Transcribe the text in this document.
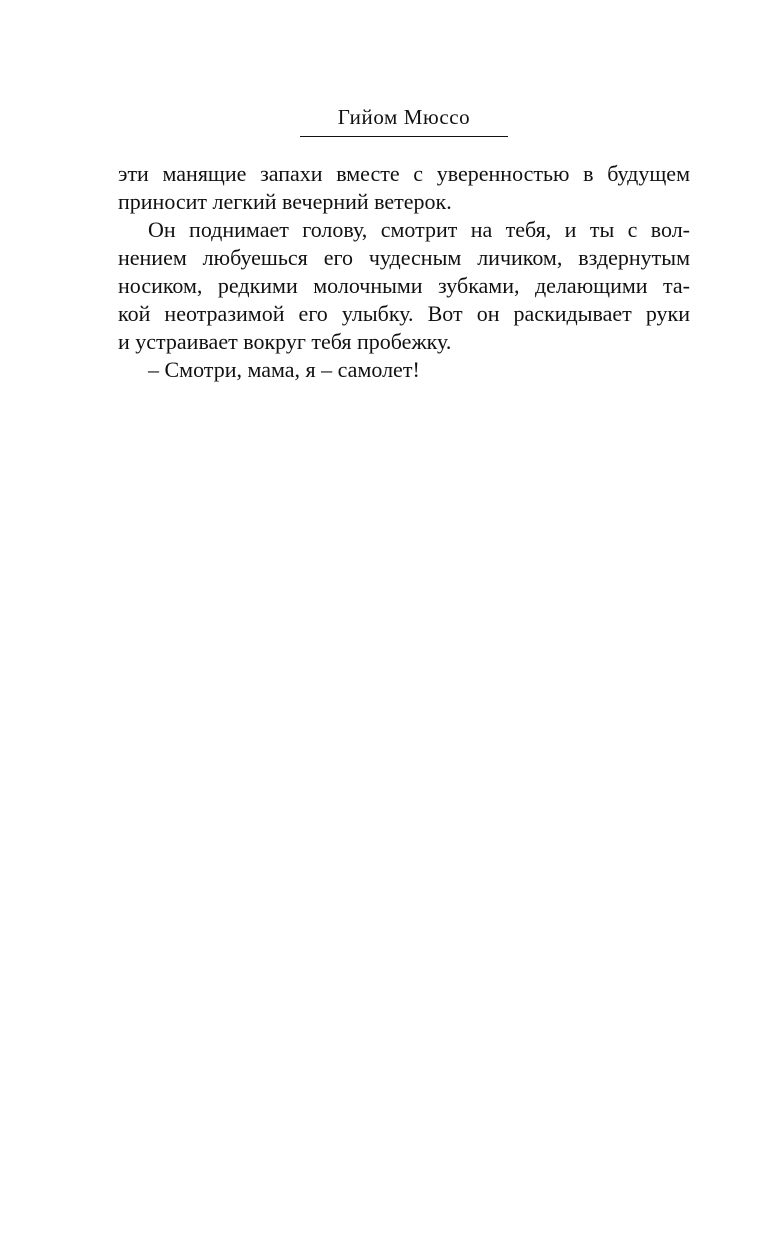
Гийом Мюссо
эти манящие запахи вместе с уверенностью в будущем
приносит легкий вечерний ветерок.
Он поднимает голову, смотрит на тебя, и ты с вол-
нением любуешься его чудесным личиком, вздернутым
носиком, редкими молочными зубками, делающими та-
кой неотразимой его улыбку. Вот он раскидывает руки
и устраивает вокруг тебя пробежку.
– Смотри, мама, я – самолет!
